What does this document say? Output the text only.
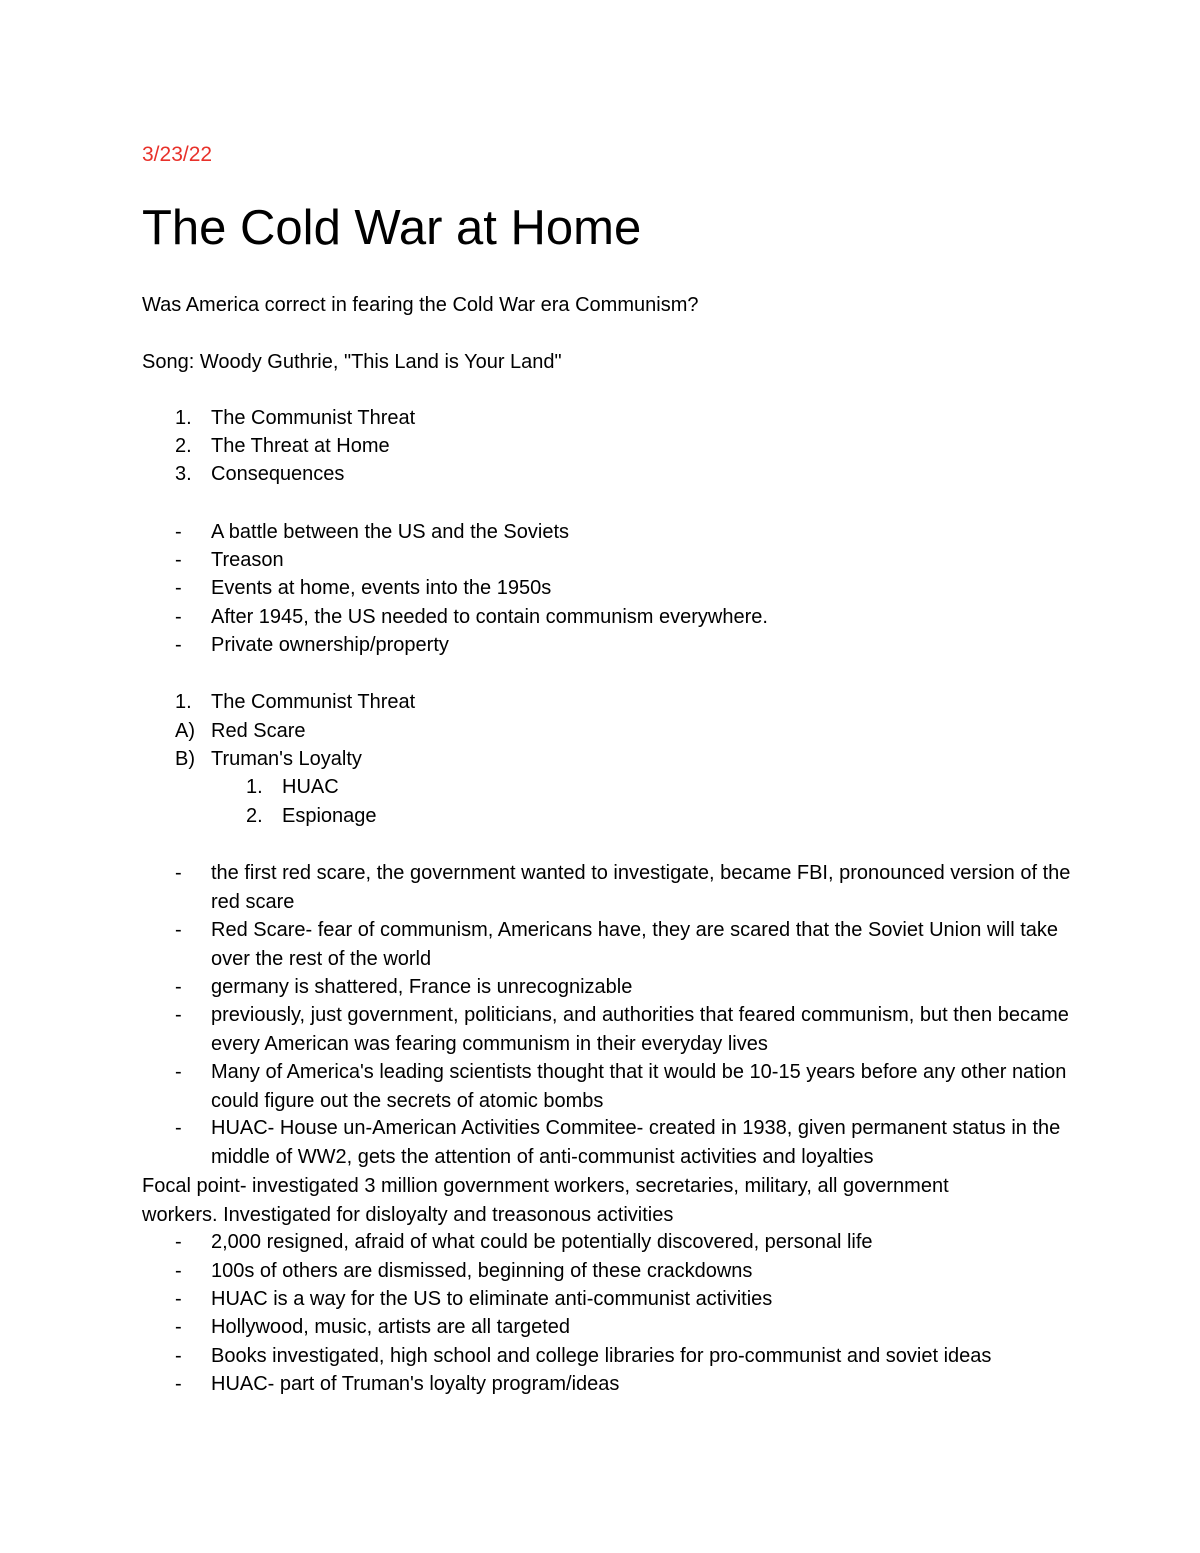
3/23/22
The Cold War at Home
Was America correct in fearing the Cold War era Communism?
Song: Woody Guthrie, "This Land is Your Land"
1. The Communist Threat
2. The Threat at Home
3. Consequences
- A battle between the US and the Soviets
- Treason
- Events at home, events into the 1950s
- After 1945, the US needed to contain communism everywhere.
- Private ownership/property
1. The Communist Threat
A) Red Scare
B) Truman's Loyalty
1. HUAC
2. Espionage
- the first red scare, the government wanted to investigate, became FBI, pronounced version of the red scare
- Red Scare- fear of communism, Americans have, they are scared that the Soviet Union will take over the rest of the world
- germany is shattered, France is unrecognizable
- previously, just government, politicians, and authorities that feared communism, but then became every American was fearing communism in their everyday lives
- Many of America's leading scientists thought that it would be 10-15 years before any other nation could figure out the secrets of atomic bombs
- HUAC- House un-American Activities Commitee- created in 1938, given permanent status in the middle of WW2, gets the attention of anti-communist activities and loyalties
Focal point- investigated 3 million government workers, secretaries, military, all government workers. Investigated for disloyalty and treasonous activities
- 2,000 resigned, afraid of what could be potentially discovered, personal life
- 100s of others are dismissed, beginning of these crackdowns
- HUAC is a way for the US to eliminate anti-communist activities
- Hollywood, music, artists are all targeted
- Books investigated, high school and college libraries for pro-communist and soviet ideas
- HUAC- part of Truman's loyalty program/ideas
